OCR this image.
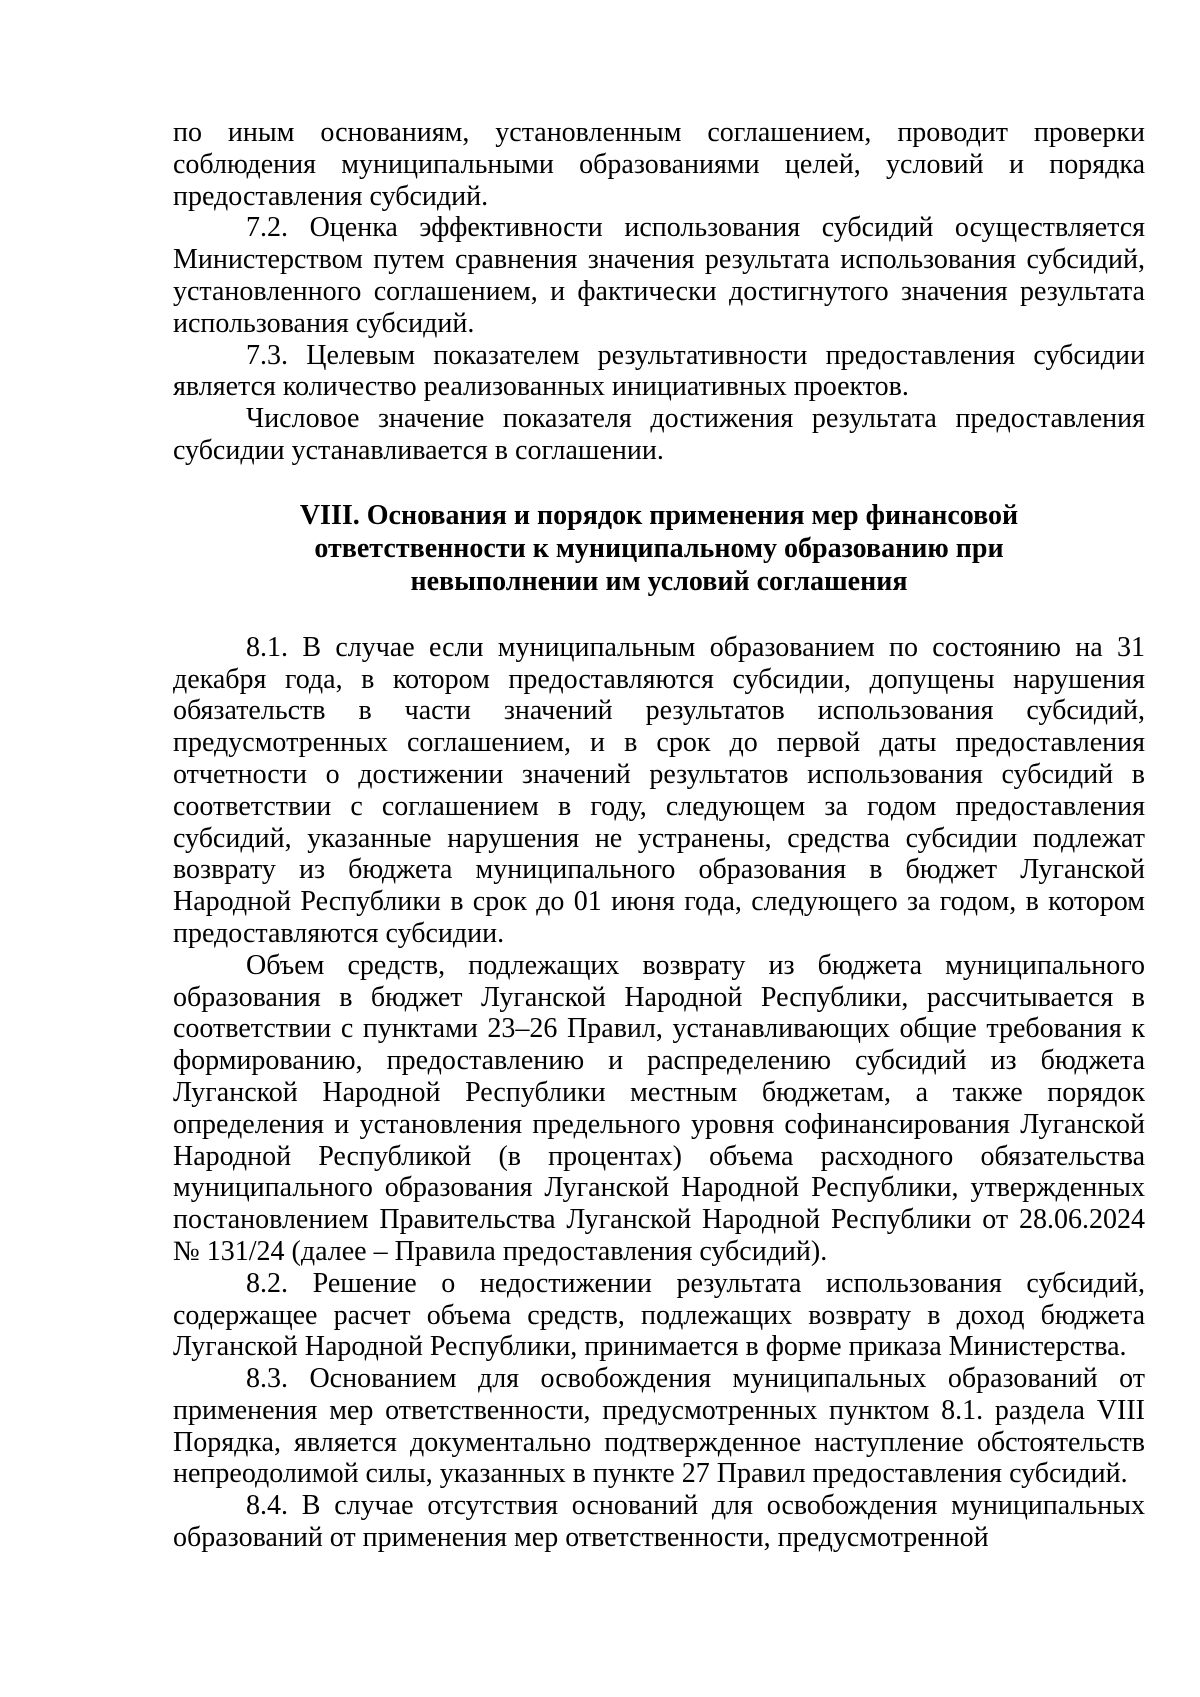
по иным основаниям, установленным соглашением, проводит проверки соблюдения муниципальными образованиями целей, условий и порядка предоставления субсидий.

7.2. Оценка эффективности использования субсидий осуществляется Министерством путем сравнения значения результата использования субсидий, установленного соглашением, и фактически достигнутого значения результата использования субсидий.

7.3. Целевым показателем результативности предоставления субсидии является количество реализованных инициативных проектов.

Числовое значение показателя достижения результата предоставления субсидии устанавливается в соглашении.

VIII. Основания и порядок применения мер финансовой
ответственности к муниципальному образованию при
невыполнении им условий соглашения

8.1. В случае если муниципальным образованием по состоянию на 31 декабря года, в котором предоставляются субсидии, допущены нарушения обязательств в части значений результатов использования субсидий, предусмотренных соглашением, и в срок до первой даты предоставления отчетности о достижении значений результатов использования субсидий в соответствии с соглашением в году, следующем за годом предоставления субсидий, указанные нарушения не устранены, средства субсидии подлежат возврату из бюджета муниципального образования в бюджет Луганской Народной Республики в срок до 01 июня года, следующего за годом, в котором предоставляются субсидии.

Объем средств, подлежащих возврату из бюджета муниципального образования в бюджет Луганской Народной Республики, рассчитывается в соответствии с пунктами 23–26 Правил, устанавливающих общие требования к формированию, предоставлению и распределению субсидий из бюджета Луганской Народной Республики местным бюджетам, а также порядок определения и установления предельного уровня софинансирования Луганской Народной Республикой (в процентах) объема расходного обязательства муниципального образования Луганской Народной Республики, утвержденных постановлением Правительства Луганской Народной Республики от 28.06.2024 № 131/24 (далее – Правила предоставления субсидий).

8.2. Решение о недостижении результата использования субсидий, содержащее расчет объема средств, подлежащих возврату в доход бюджета Луганской Народной Республики, принимается в форме приказа Министерства.

8.3. Основанием для освобождения муниципальных образований от применения мер ответственности, предусмотренных пунктом 8.1. раздела VIII Порядка, является документально подтвержденное наступление обстоятельств непреодолимой силы, указанных в пункте 27 Правил предоставления субсидий.

8.4. В случае отсутствия оснований для освобождения муниципальных образований от применения мер ответственности, предусмотренной
